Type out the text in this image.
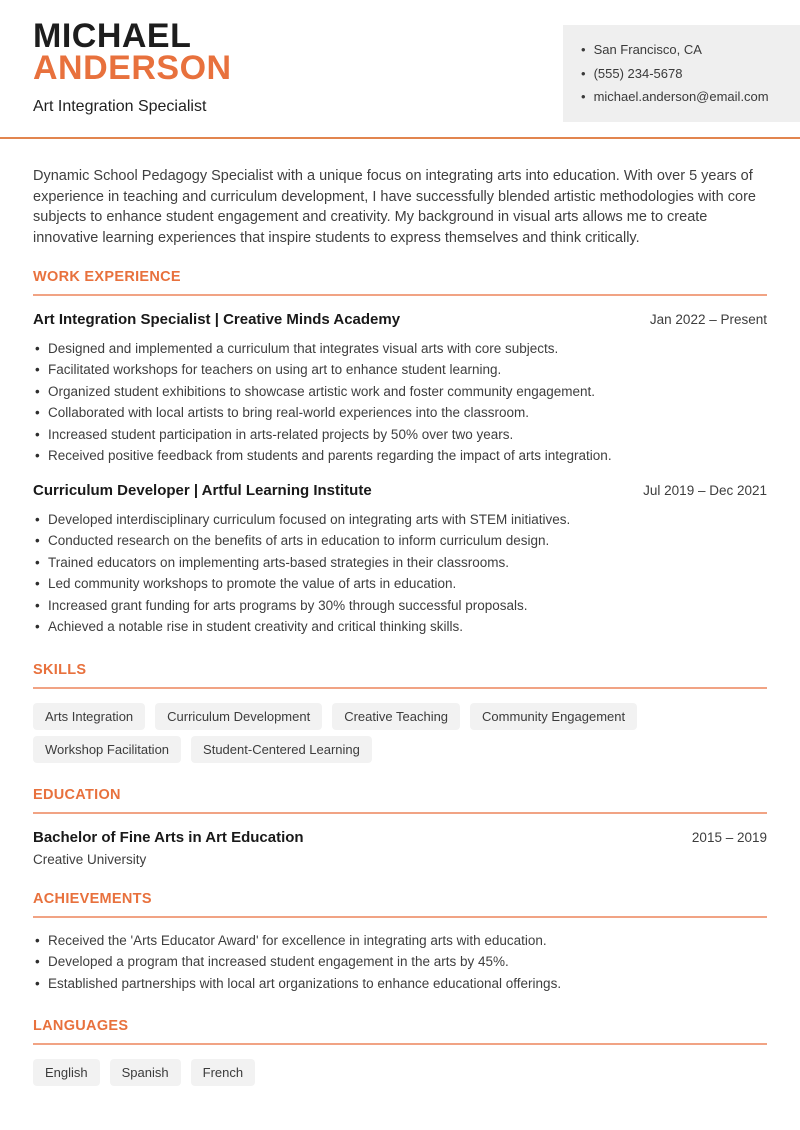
MICHAEL
ANDERSON
Art Integration Specialist
• San Francisco, CA
• (555) 234-5678
• michael.anderson@email.com

Dynamic School Pedagogy Specialist with a unique focus on integrating arts into education. With over 5 years of experience in teaching and curriculum development, I have successfully blended artistic methodologies with core subjects to enhance student engagement and creativity. My background in visual arts allows me to create innovative learning experiences that inspire students to express themselves and think critically.

WORK EXPERIENCE
Art Integration Specialist | Creative Minds Academy	Jan 2022 – Present
• Designed and implemented a curriculum that integrates visual arts with core subjects.
• Facilitated workshops for teachers on using art to enhance student learning.
• Organized student exhibitions to showcase artistic work and foster community engagement.
• Collaborated with local artists to bring real-world experiences into the classroom.
• Increased student participation in arts-related projects by 50% over two years.
• Received positive feedback from students and parents regarding the impact of arts integration.
Curriculum Developer | Artful Learning Institute	Jul 2019 – Dec 2021
• Developed interdisciplinary curriculum focused on integrating arts with STEM initiatives.
• Conducted research on the benefits of arts in education to inform curriculum design.
• Trained educators on implementing arts-based strategies in their classrooms.
• Led community workshops to promote the value of arts in education.
• Increased grant funding for arts programs by 30% through successful proposals.
• Achieved a notable rise in student creativity and critical thinking skills.
SKILLS
Arts Integration	Curriculum Development	Creative Teaching	Community Engagement
Workshop Facilitation	Student-Centered Learning
EDUCATION
Bachelor of Fine Arts in Art Education	2015 – 2019
Creative University
ACHIEVEMENTS
• Received the 'Arts Educator Award' for excellence in integrating arts with education.
• Developed a program that increased student engagement in the arts by 45%.
• Established partnerships with local art organizations to enhance educational offerings.
LANGUAGES
English	Spanish	French
